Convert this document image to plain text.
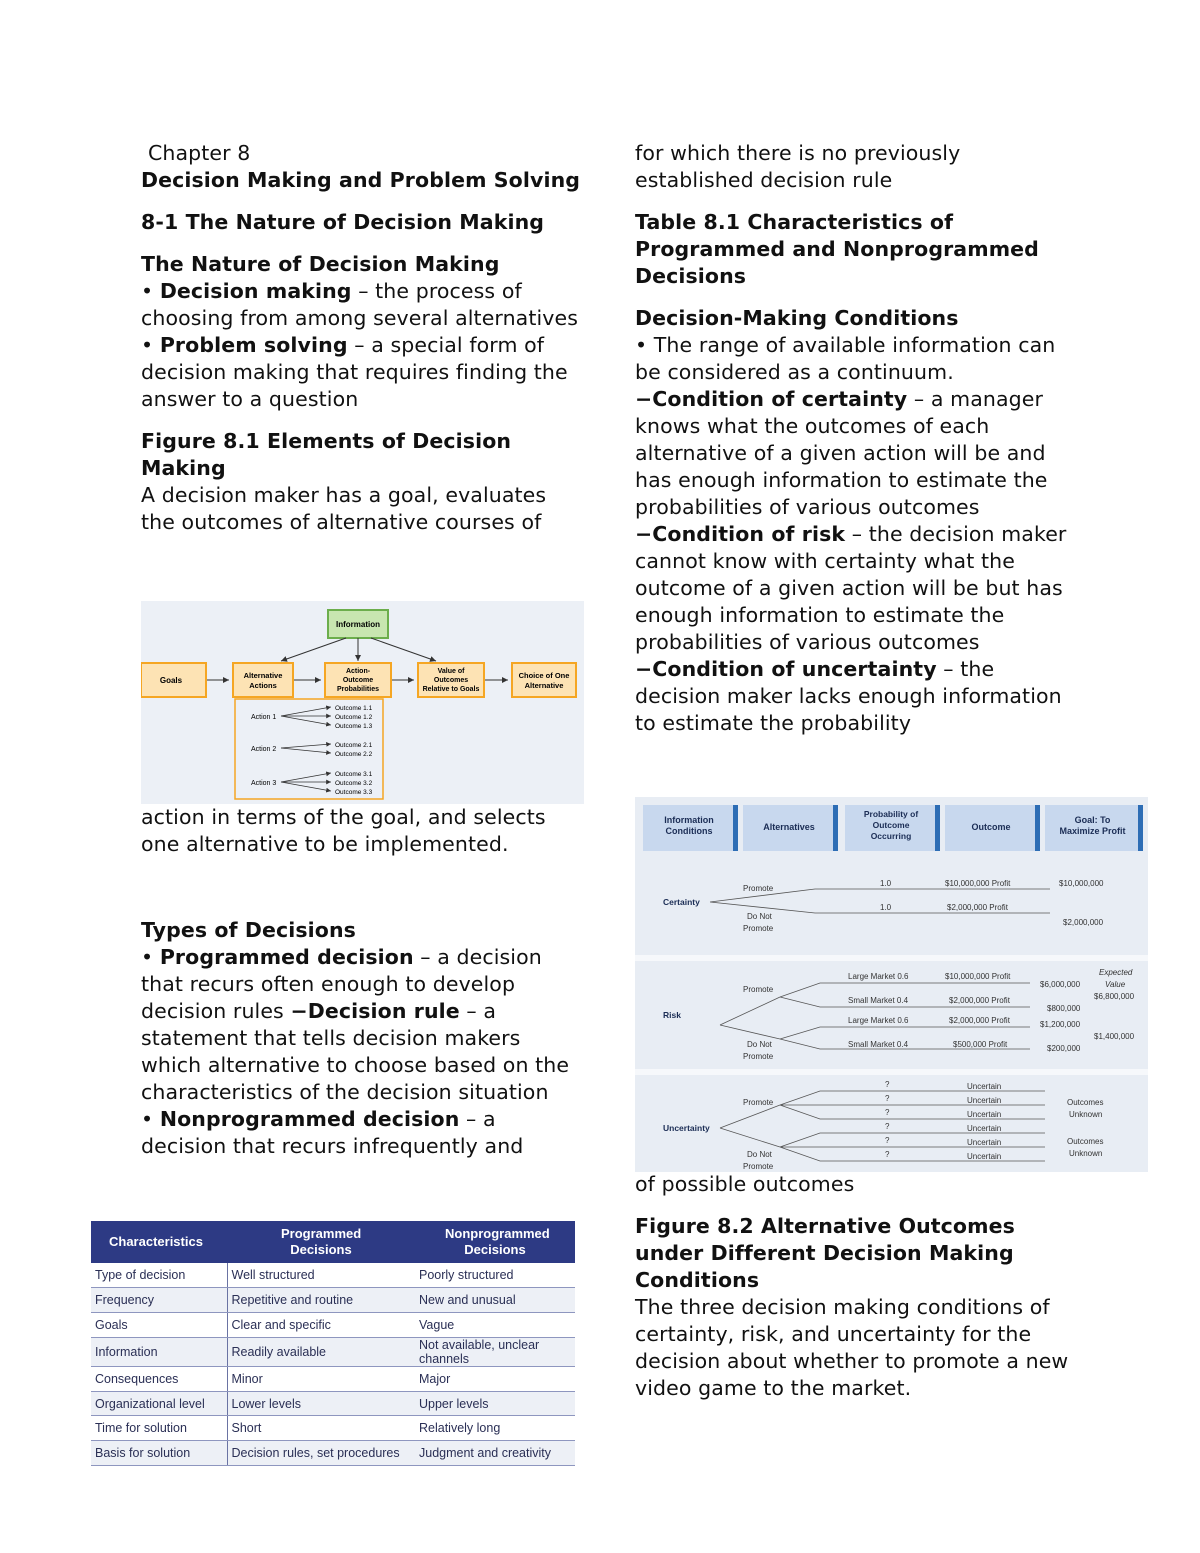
Chapter 8

Decision Making and Problem Solving

8-1 The Nature of Decision Making

The Nature of Decision Making

• Decision making – the process of choosing from among several alternatives

• Problem solving – a special form of decision making that requires finding the answer to a question

Figure 8.1 Elements of Decision Making

A decision maker has a goal, evaluates the outcomes of alternative courses of

Information
Goals
Alternative
Actions
Action-
Outcome
Probabilities
Value of
Outcomes
Relative to Goals
Choice of One
Alternative
Action 1
Outcome 1.1
Outcome 1.2
Outcome 1.3
Action 2
Outcome 2.1
Outcome 2.2
Action 3
Outcome 3.1
Outcome 3.2
Outcome 3.3

action in terms of the goal, and selects one alternative to be implemented.

Types of Decisions

• Programmed decision – a decision that recurs often enough to develop decision rules −Decision rule – a statement that tells decision makers which alternative to choose based on the characteristics of the decision situation

• Nonprogrammed decision – a decision that recurs infrequently and

Characteristics	Programmed Decisions	Nonprogrammed Decisions
Type of decision	Well structured	Poorly structured
Frequency	Repetitive and routine	New and unusual
Goals	Clear and specific	Vague
Information	Readily available	Not available, unclear channels
Consequences	Minor	Major
Organizational level	Lower levels	Upper levels
Time for solution	Short	Relatively long
Basis for solution	Decision rules, set procedures	Judgment and creativity

for which there is no previously established decision rule

Table 8.1 Characteristics of Programmed and Nonprogrammed Decisions

Decision-Making Conditions

• The range of available information can be considered as a continuum.

−Condition of certainty – a manager knows what the outcomes of each alternative of a given action will be and has enough information to estimate the probabilities of various outcomes

−Condition of risk – the decision maker cannot know with certainty what the outcome of a given action will be but has enough information to estimate the probabilities of various outcomes

−Condition of uncertainty – the decision maker lacks enough information to estimate the probability

Information Conditions	Alternatives
Probability of Outcome Occurring
Outcome
Goal: To Maximize Profit
Certainty
Promote
Do Not
Promote
1.0
1.0
$10,000,000 Profit
$2,000,000 Profit
$10,000,000
$2,000,000
Risk
Promote
Do Not
Promote
Large Market 0.6
Small Market 0.4
Large Market 0.6
Small Market 0.4
$10,000,000 Profit
$2,000,000 Profit
$2,000,000 Profit
$500,000 Profit
Expected
Value
$6,000,000
$800,000
$6,800,000
$1,200,000
$200,000
$1,400,000
Uncertainty
Promote
Do Not
Promote
?
?
?
?
?
?
Uncertain
Uncertain
Uncertain
Uncertain
Uncertain
Uncertain
Outcomes
Unknown
Outcomes
Unknown

of possible outcomes

Figure 8.2 Alternative Outcomes under Different Decision Making Conditions

The three decision making conditions of certainty, risk, and uncertainty for the decision about whether to promote a new video game to the market.
